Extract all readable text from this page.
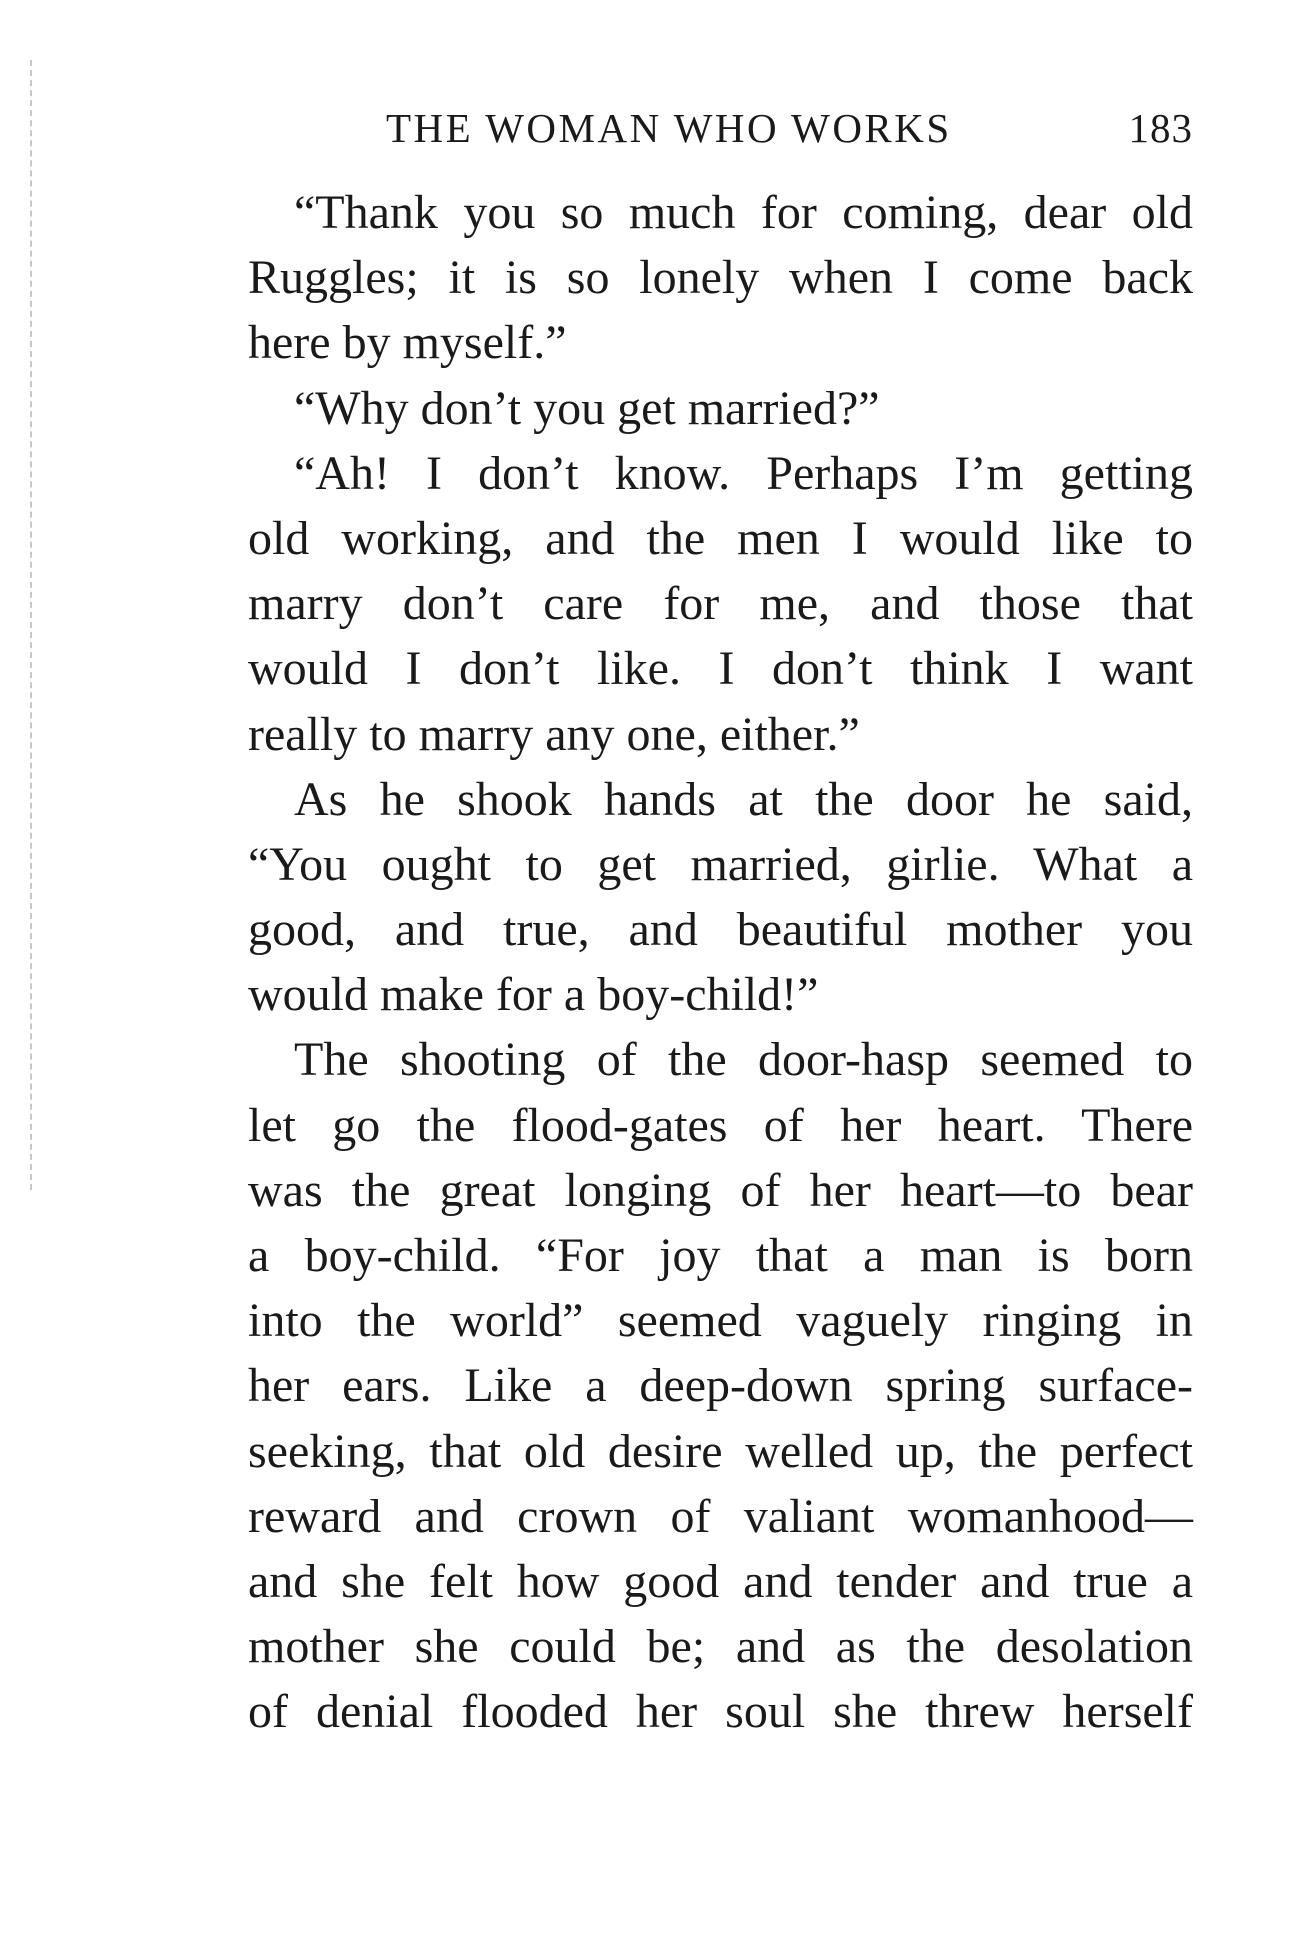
THE WOMAN WHO WORKS	183
“Thank you so much for coming, dear old
Ruggles; it is so lonely when I come back
here by myself.”
“Why don’t you get married?”
“Ah! I don’t know. Perhaps I’m getting
old working, and the men I would like to
marry don’t care for me, and those that
would I don’t like. I don’t think I want
really to marry any one, either.”
As he shook hands at the door he said,
“You ought to get married, girlie. What a
good, and true, and beautiful mother you
would make for a boy-child!”
The shooting of the door-hasp seemed to
let go the flood-gates of her heart. There
was the great longing of her heart—to bear
a boy-child. “For joy that a man is born
into the world” seemed vaguely ringing in
her ears. Like a deep-down spring surface-
seeking, that old desire welled up, the perfect
reward and crown of valiant womanhood—
and she felt how good and tender and true a
mother she could be; and as the desolation
of denial flooded her soul she threw herself
